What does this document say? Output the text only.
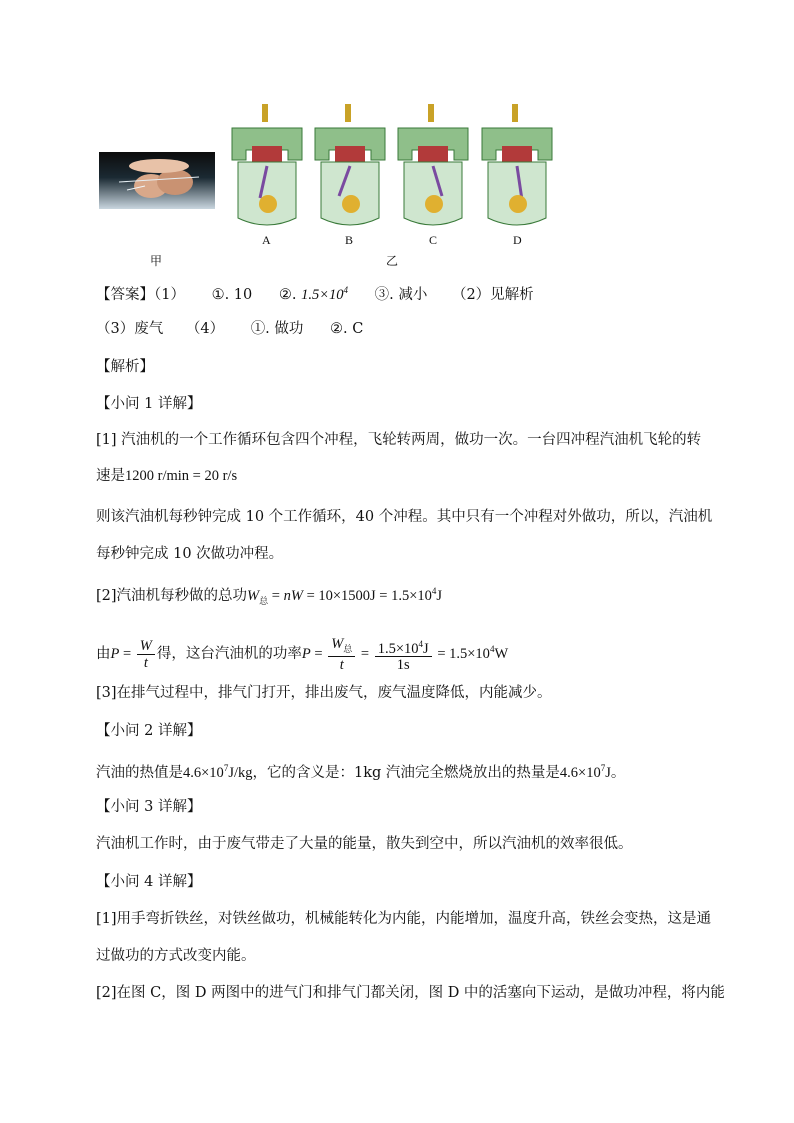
甲
A	B	C	D
乙
【答案】（1） ①. 10 ②. $1.5\times 10^4$ ③. 减小 （2）见解析
（3）废气 （4） ①. 做功 ②. C
【解析】
【小问 1 详解】
[1] 汽油机的一个工作循环包含四个冲程，飞轮转两周，做功一次。一台四冲程汽油机飞轮的转
速是1200 r/min = 20 r/s
则该汽油机每秒钟完成 10 个工作循环，40 个冲程。其中只有一个冲程对外做功，所以，汽油机
每秒钟完成 10 次做功冲程。
[2]汽油机每秒做的总功$W_总$ = nW = $10\times 1500J = 1.5\times 10^4J$
由$P = \frac{W}{t}$ 得，这台汽油机的功率$P = \frac{W_总}{t} = \frac{1.5\times 10^4J}{1s} = 1.5\times 10^4W$
[3]在排气过程中，排气门打开，排出废气，废气温度降低，内能减少。
【小问 2 详解】
汽油的热值是$4.6\times 10^7J/kg$，它的含义是：1kg 汽油完全燃烧放出的热量是$4.6\times 10^7J$。
【小问 3 详解】
汽油机工作时，由于废气带走了大量的能量，散失到空中，所以汽油机的效率很低。
【小问 4 详解】
[1]用手弯折铁丝，对铁丝做功，机械能转化为内能，内能增加，温度升高，铁丝会变热，这是通
过做功的方式改变内能。
[2]在图 C，图 D 两图中的进气门和排气门都关闭，图 D 中的活塞向下运动，是做功冲程，将内能
